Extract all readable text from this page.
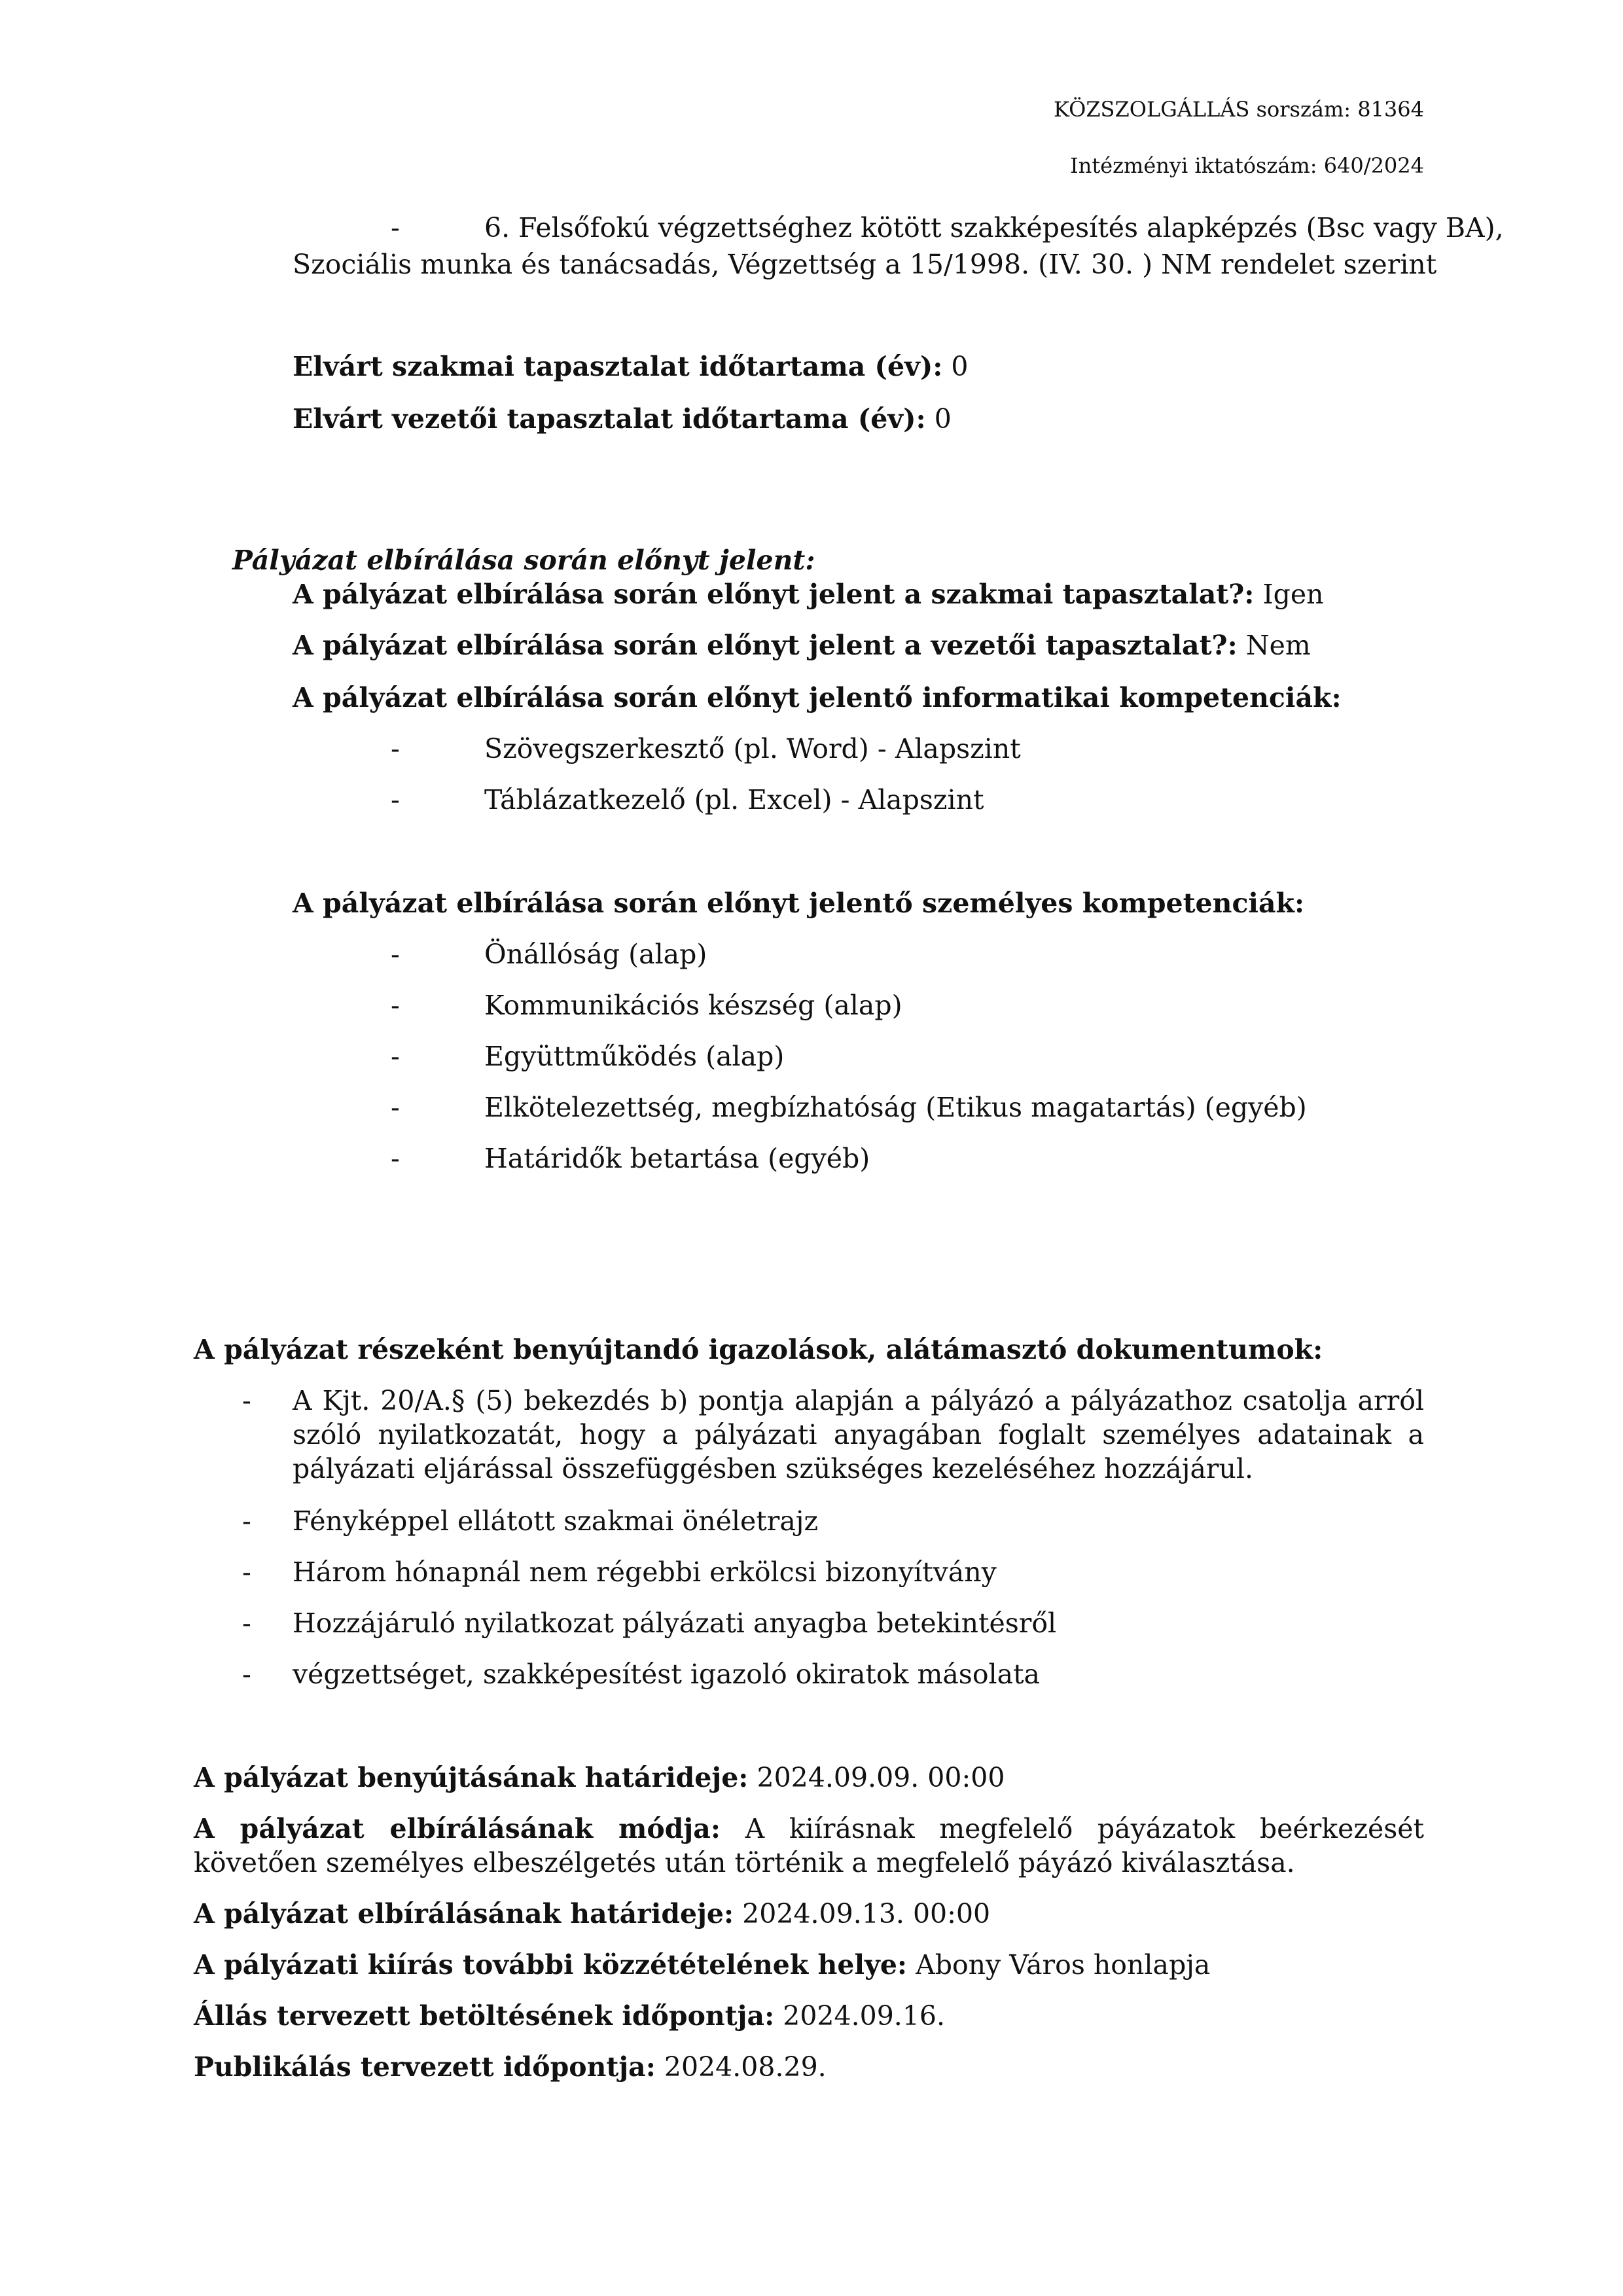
KÖZSZOLGÁLLÁS sorszám: 81364
Intézményi iktatószám: 640/2024
-	6. Felsőfokú végzettséghez kötött szakképesítés alapképzés (Bsc vagy BA),
Szociális munka és tanácsadás, Végzettség a 15/1998. (IV. 30. ) NM rendelet szerint
Elvárt szakmai tapasztalat időtartama (év): 0
Elvárt vezetői tapasztalat időtartama (év): 0
Pályázat elbírálása során előnyt jelent:
A pályázat elbírálása során előnyt jelent a szakmai tapasztalat?: Igen
A pályázat elbírálása során előnyt jelent a vezetői tapasztalat?: Nem
A pályázat elbírálása során előnyt jelentő informatikai kompetenciák:
-	Szövegszerkesztő (pl. Word) - Alapszint
-	Táblázatkezelő (pl. Excel) - Alapszint
A pályázat elbírálása során előnyt jelentő személyes kompetenciák:
-	Önállóság (alap)
-	Kommunikációs készség (alap)
-	Együttműködés (alap)
-	Elkötelezettség, megbízhatóság (Etikus magatartás) (egyéb)
-	Határidők betartása (egyéb)
A pályázat részeként benyújtandó igazolások, alátámasztó dokumentumok:
- A Kjt. 20/A.§ (5) bekezdés b) pontja alapján a pályázó a pályázathoz csatolja arról szóló nyilatkozatát, hogy a pályázati anyagában foglalt személyes adatainak a pályázati eljárással összefüggésben szükséges kezeléséhez hozzájárul.
- Fényképpel ellátott szakmai önéletrajz
- Három hónapnál nem régebbi erkölcsi bizonyítvány
- Hozzájáruló nyilatkozat pályázati anyagba betekintésről
- végzettséget, szakképesítést igazoló okiratok másolata
A pályázat benyújtásának határideje: 2024.09.09. 00:00
A pályázat elbírálásának módja: A kiírásnak megfelelő páyázatok beérkezését követően személyes elbeszélgetés után történik a megfelelő páyázó kiválasztása.
A pályázat elbírálásának határideje: 2024.09.13. 00:00
A pályázati kiírás további közzétételének helye: Abony Város honlapja
Állás tervezett betöltésének időpontja: 2024.09.16.
Publikálás tervezett időpontja: 2024.08.29.
